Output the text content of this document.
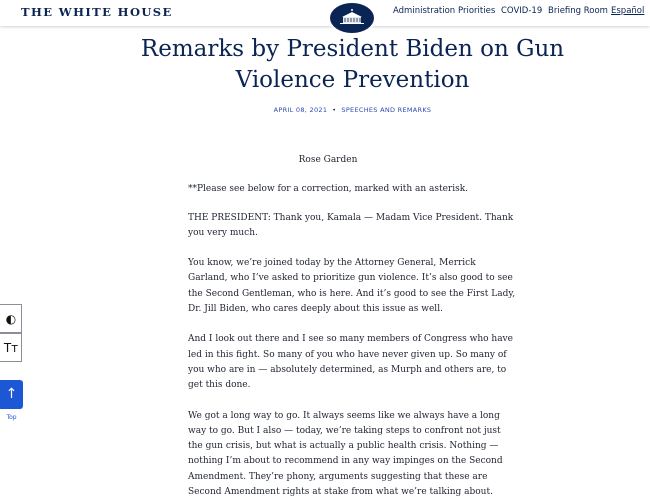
THE WHITE HOUSE	Administration Priorities COVID-19 Briefing Room Español
Remarks by President Biden on Gun Violence Prevention
APRIL 08, 2021 • SPEECHES AND REMARKS

Rose Garden

**Please see below for a correction, marked with an asterisk.

THE PRESIDENT: Thank you, Kamala — Madam Vice President. Thank you very much.

You know, we’re joined today by the Attorney General, Merrick Garland, who I’ve asked to prioritize gun violence. It’s also good to see the Second Gentleman, who is here. And it’s good to see the First Lady, Dr. Jill Biden, who cares deeply about this issue as well.

And I look out there and I see so many members of Congress who have led in this fight. So many of you who have never given up. So many of you who are in — absolutely determined, as Murph and others are, to get this done.

We got a long way to go. It always seems like we always have a long way to go. But I also — today, we’re taking steps to confront not just the gun crisis, but what is actually a public health crisis. Nothing — nothing I’m about to recommend in any way impinges on the Second Amendment. They’re phony, arguments suggesting that these are Second Amendment rights at stake from what we’re talking about.

◐
Tт
↑
Top
